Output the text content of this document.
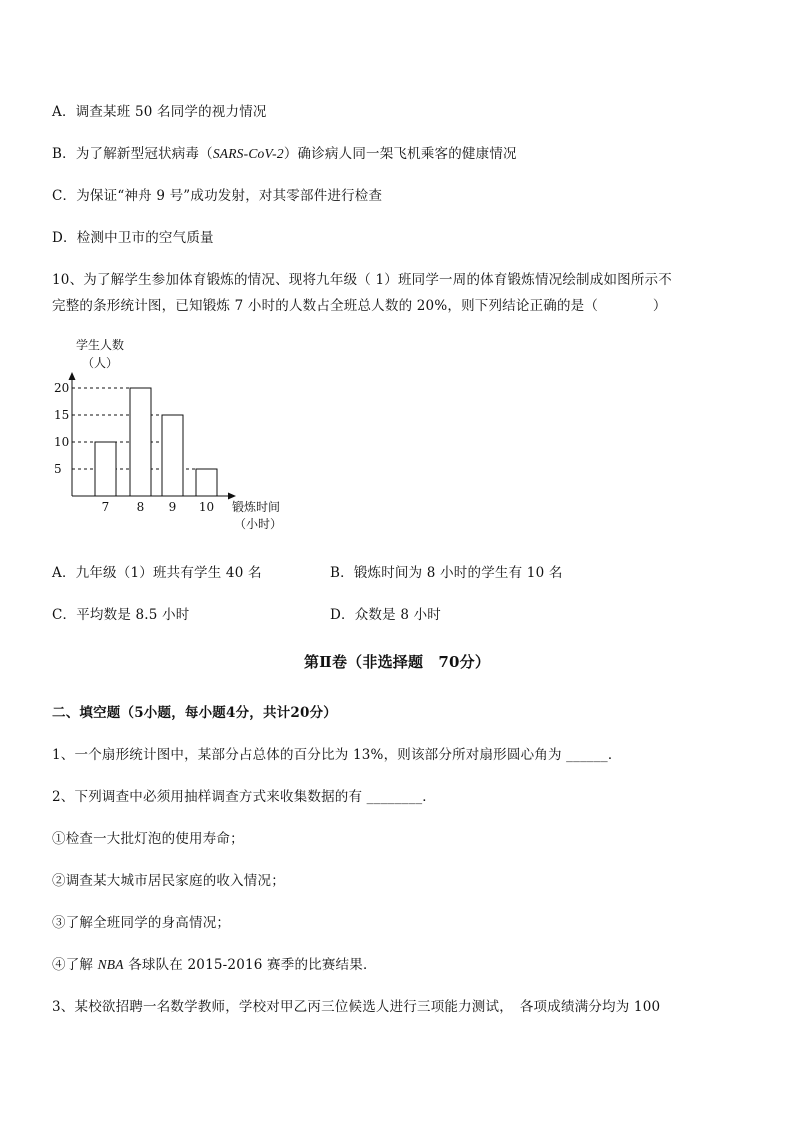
A．调查某班 50 名同学的视力情况
B．为了解新型冠状病毒（SARS-CoV-2）确诊病人同一架飞机乘客的健康情况
C．为保证“神舟 9 号”成功发射，对其零部件进行检查
D．检测中卫市的空气质量
10、为了解学生参加体育锻炼的情况、现将九年级（ 1）班同学一周的体育锻炼情况绘制成如图所示不
完整的条形统计图，已知锻炼 7 小时的人数占全班总人数的 20%，则下列结论正确的是（　　　　）
学生人数
（人）
5
10
15
20
7 8 9 10 锻炼时间
（小时）
A．九年级（1）班共有学生 40 名	B．锻炼时间为 8 小时的学生有 10 名
C．平均数是 8.5 小时	D．众数是 8 小时
第Ⅱ卷（非选择题　70分）
二、填空题（5小题，每小题4分，共计20分）
1、一个扇形统计图中，某部分占总体的百分比为 13%，则该部分所对扇形圆心角为 ______．
2、下列调查中必须用抽样调查方式来收集数据的有 ________．
①检查一大批灯泡的使用寿命；
②调查某大城市居民家庭的收入情况；
③了解全班同学的身高情况；
④了解 NBA 各球队在 2015-2016 赛季的比赛结果．
3、某校欲招聘一名数学教师，学校对甲乙丙三位候选人进行三项能力测试，　各项成绩满分均为 100
